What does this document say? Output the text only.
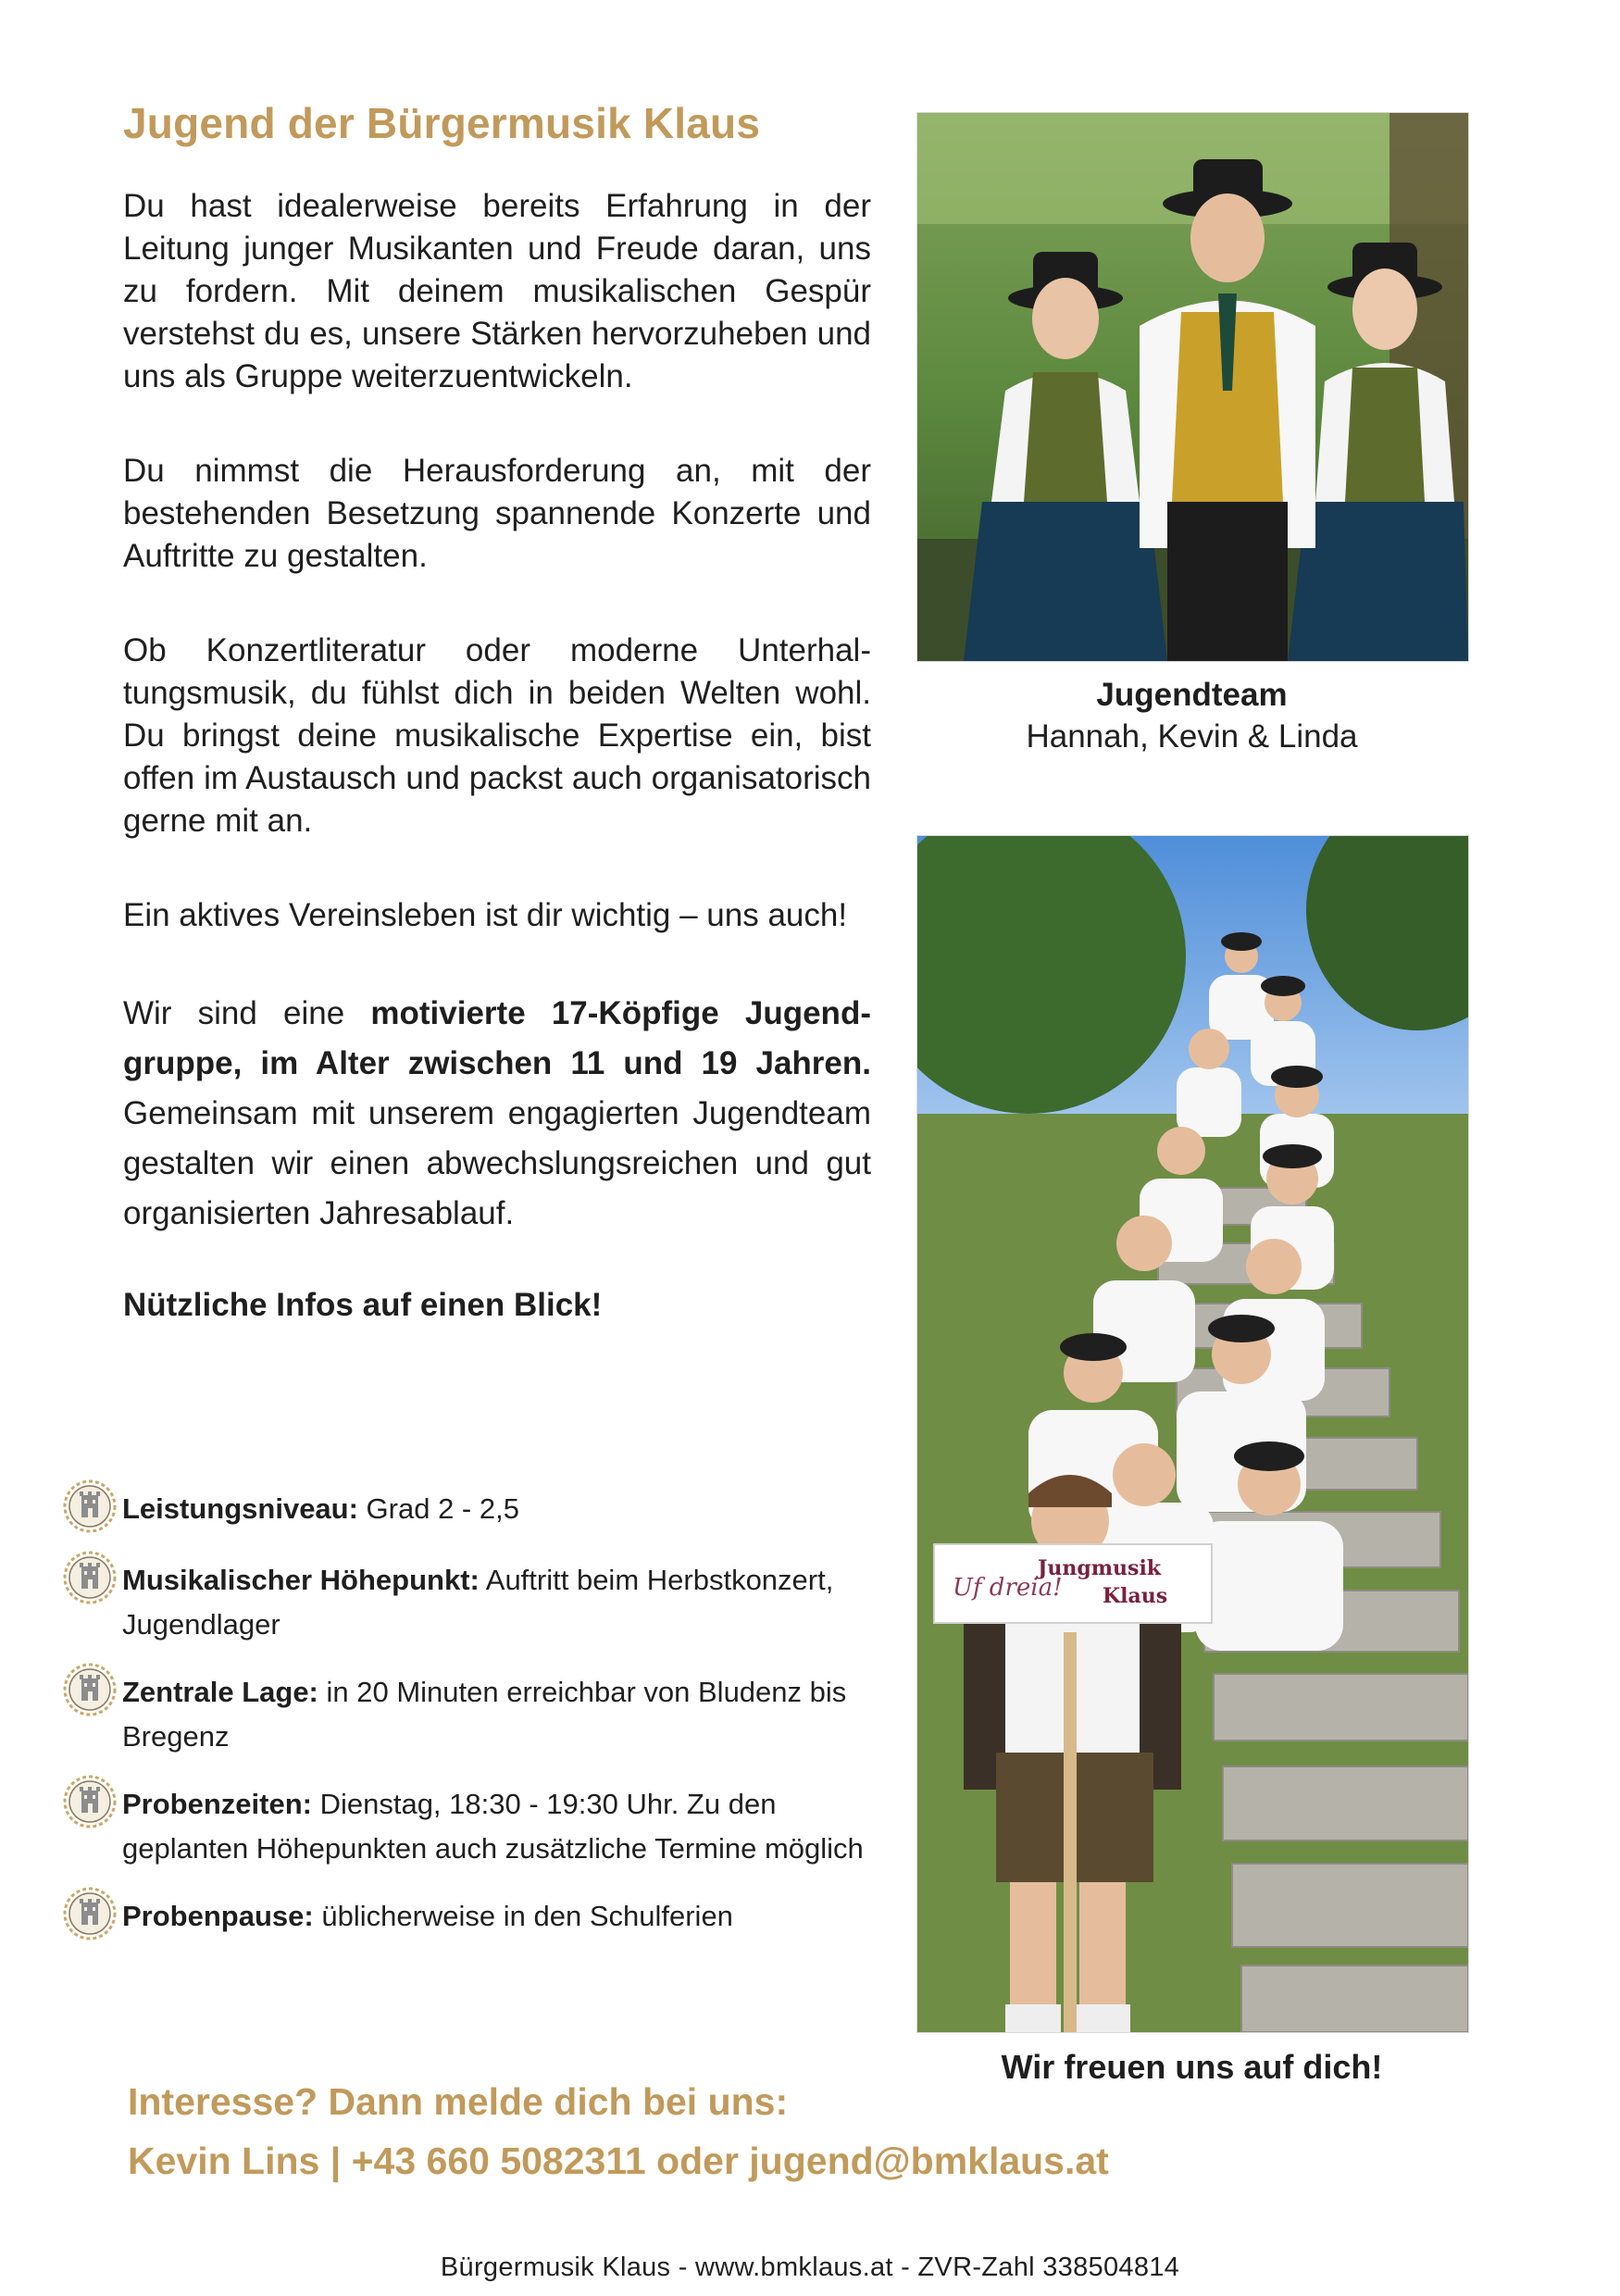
Jugend der Bürgermusik Klaus

Du hast idealerweise bereits Erfahrung in der Leitung junger Musikanten und Freude daran, uns zu fordern. Mit deinem musikalischen Gespür verstehst du es, unsere Stärken hervorzuheben und uns als Gruppe weiterzuentwickeln.

Du nimmst die Herausforderung an, mit der bestehenden Besetzung spannende Konzerte und Auftritte zu gestalten.

Ob Konzertliteratur oder moderne Unterhaltungsmusik, du fühlst dich in beiden Welten wohl. Du bringst deine musikalische Expertise ein, bist offen im Austausch und packst auch organisatorisch gerne mit an.

Ein aktives Vereinsleben ist dir wichtig – uns auch!

Wir sind eine motivierte 17-Köpfige Jugendgruppe, im Alter zwischen 11 und 19 Jahren. Gemeinsam mit unserem engagierten Jugendteam gestalten wir einen abwechslungsreichen und gut organisierten Jahresablauf.

Nützliche Infos auf einen Blick!

Leistungsniveau: Grad 2 - 2,5
Musikalischer Höhepunkt: Auftritt beim Herbstkonzert, Jugendlager
Zentrale Lage: in 20 Minuten erreichbar von Bludenz bis Bregenz
Probenzeiten: Dienstag, 18:30 - 19:30 Uhr. Zu den geplanten Höhepunkten auch zusätzliche Termine möglich
Probenpause: üblicherweise in den Schulferien
Jugendteam
Hannah, Kevin & Linda
Uf dreia!
Jungmusik
Klaus
Wir freuen uns auf dich!
Interesse? Dann melde dich bei uns:
Kevin Lins | +43 660 5082311 oder jugend@bmklaus.at
Bürgermusik Klaus - www.bmklaus.at - ZVR-Zahl 338504814
